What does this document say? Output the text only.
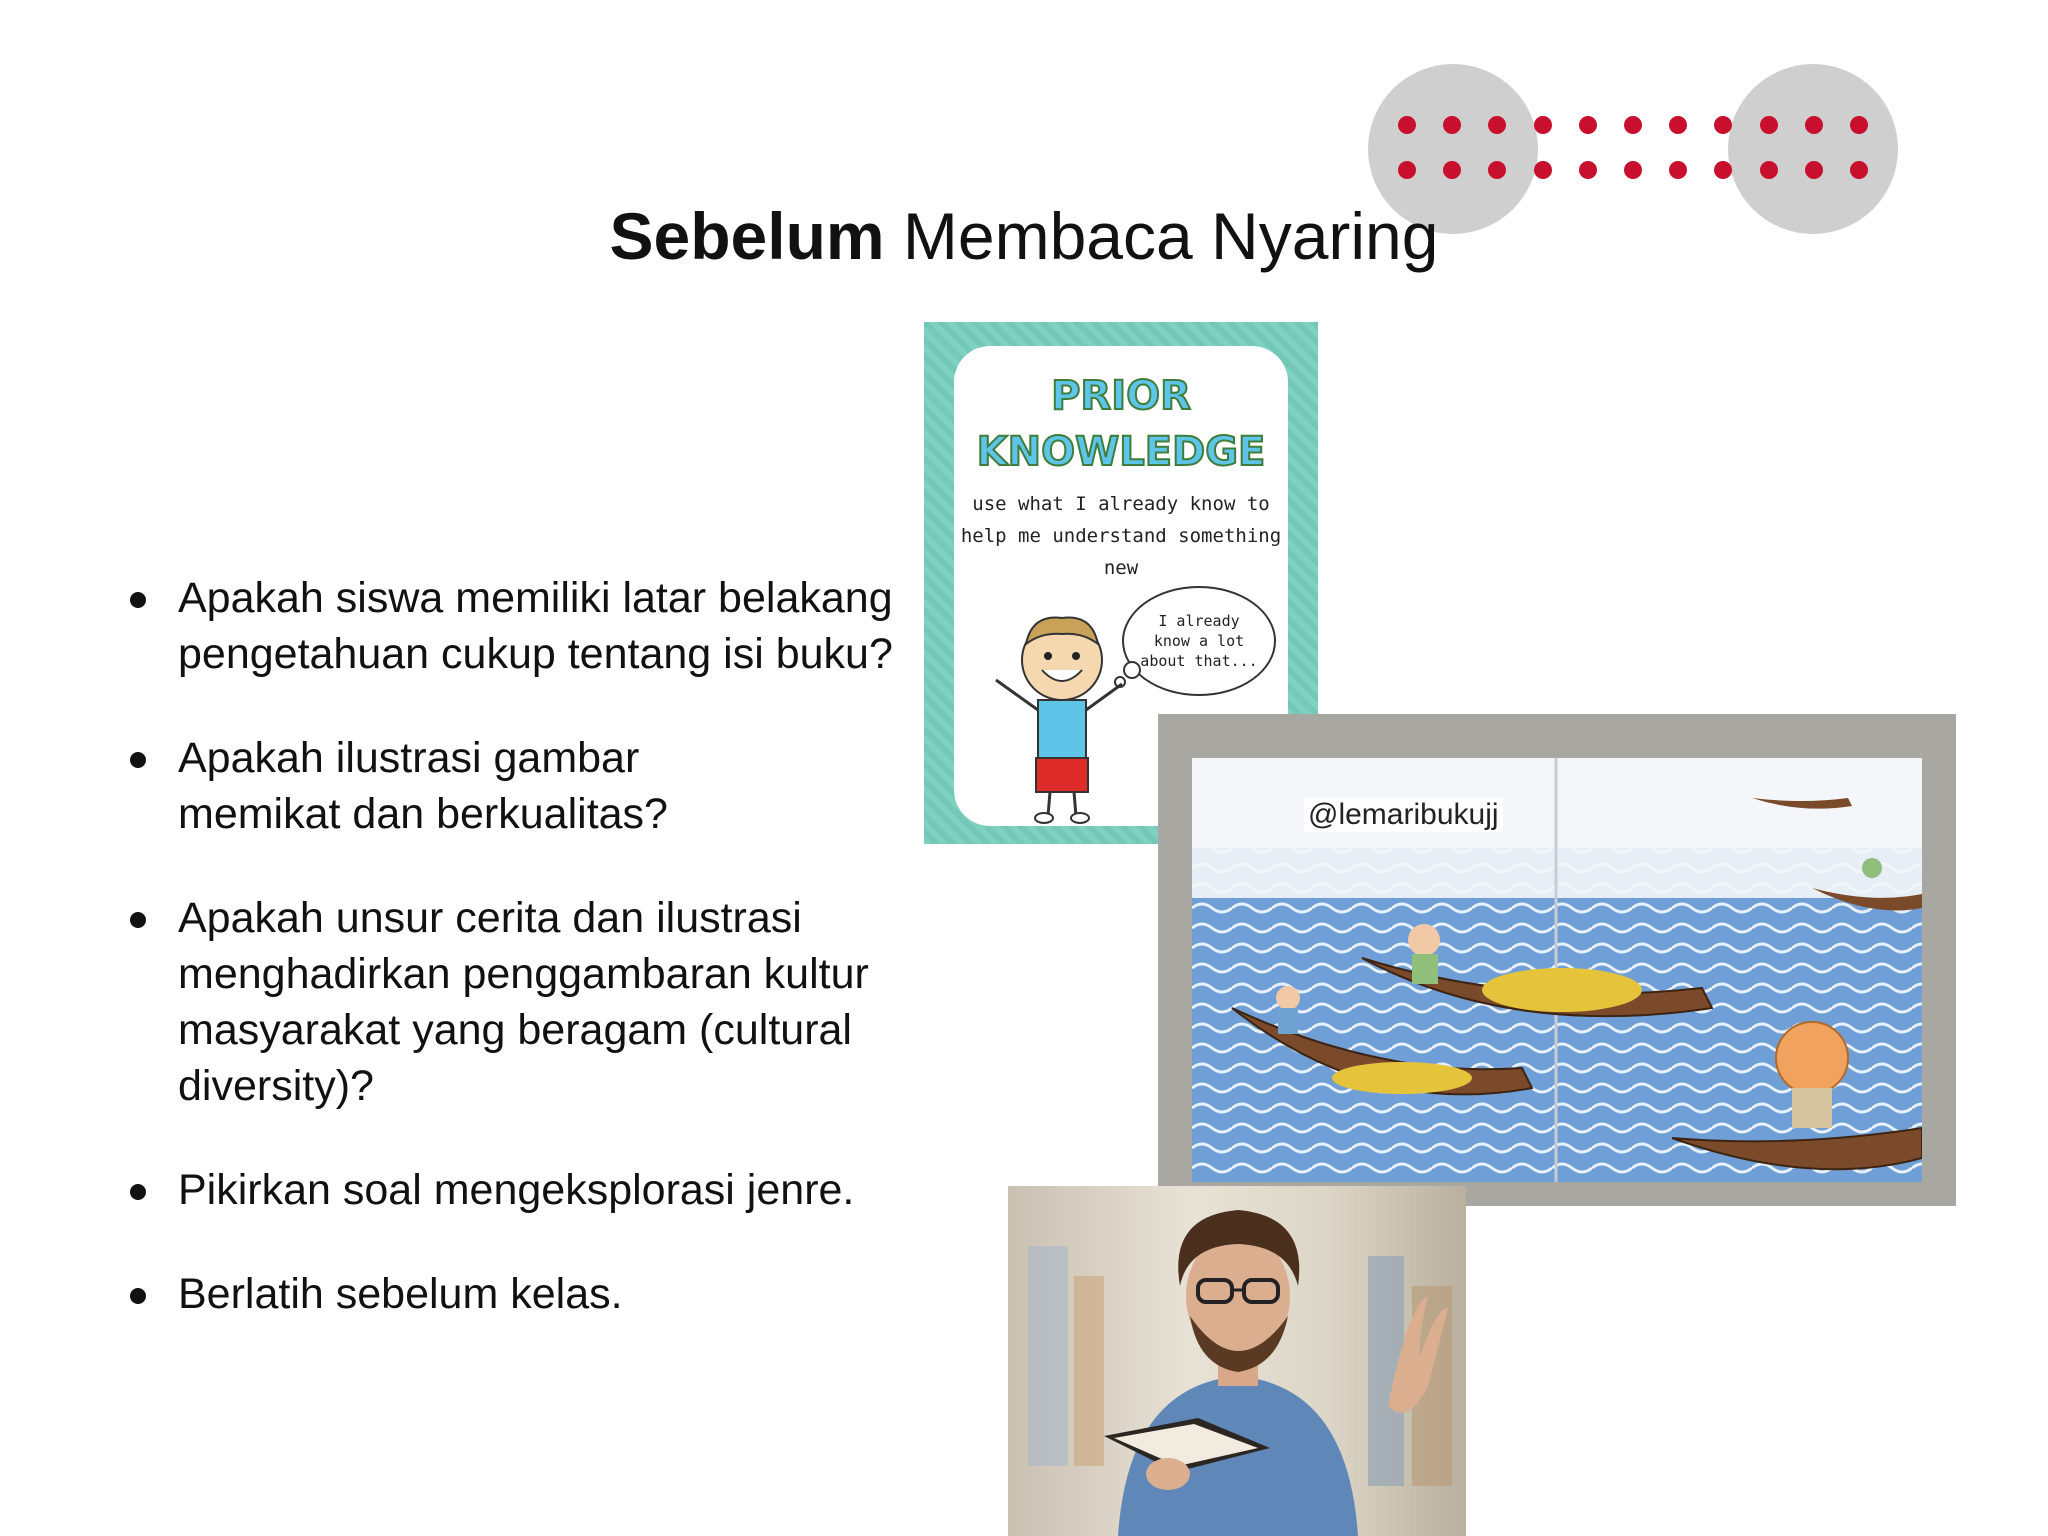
Sebelum Membaca Nyaring
Apakah siswa memiliki latar belakang pengetahuan cukup tentang isi buku?
Apakah ilustrasi gambar memikat dan berkualitas?
Apakah unsur cerita dan ilustrasi menghadirkan penggambaran kultur masyarakat yang beragam (cultural diversity)?
Pikirkan soal mengeksplorasi jenre.
Berlatih sebelum kelas.

PRIOR

KNOWLEDGE

use what I already know to help me understand something new

I already know a lot about that...
@lemaribukujj
